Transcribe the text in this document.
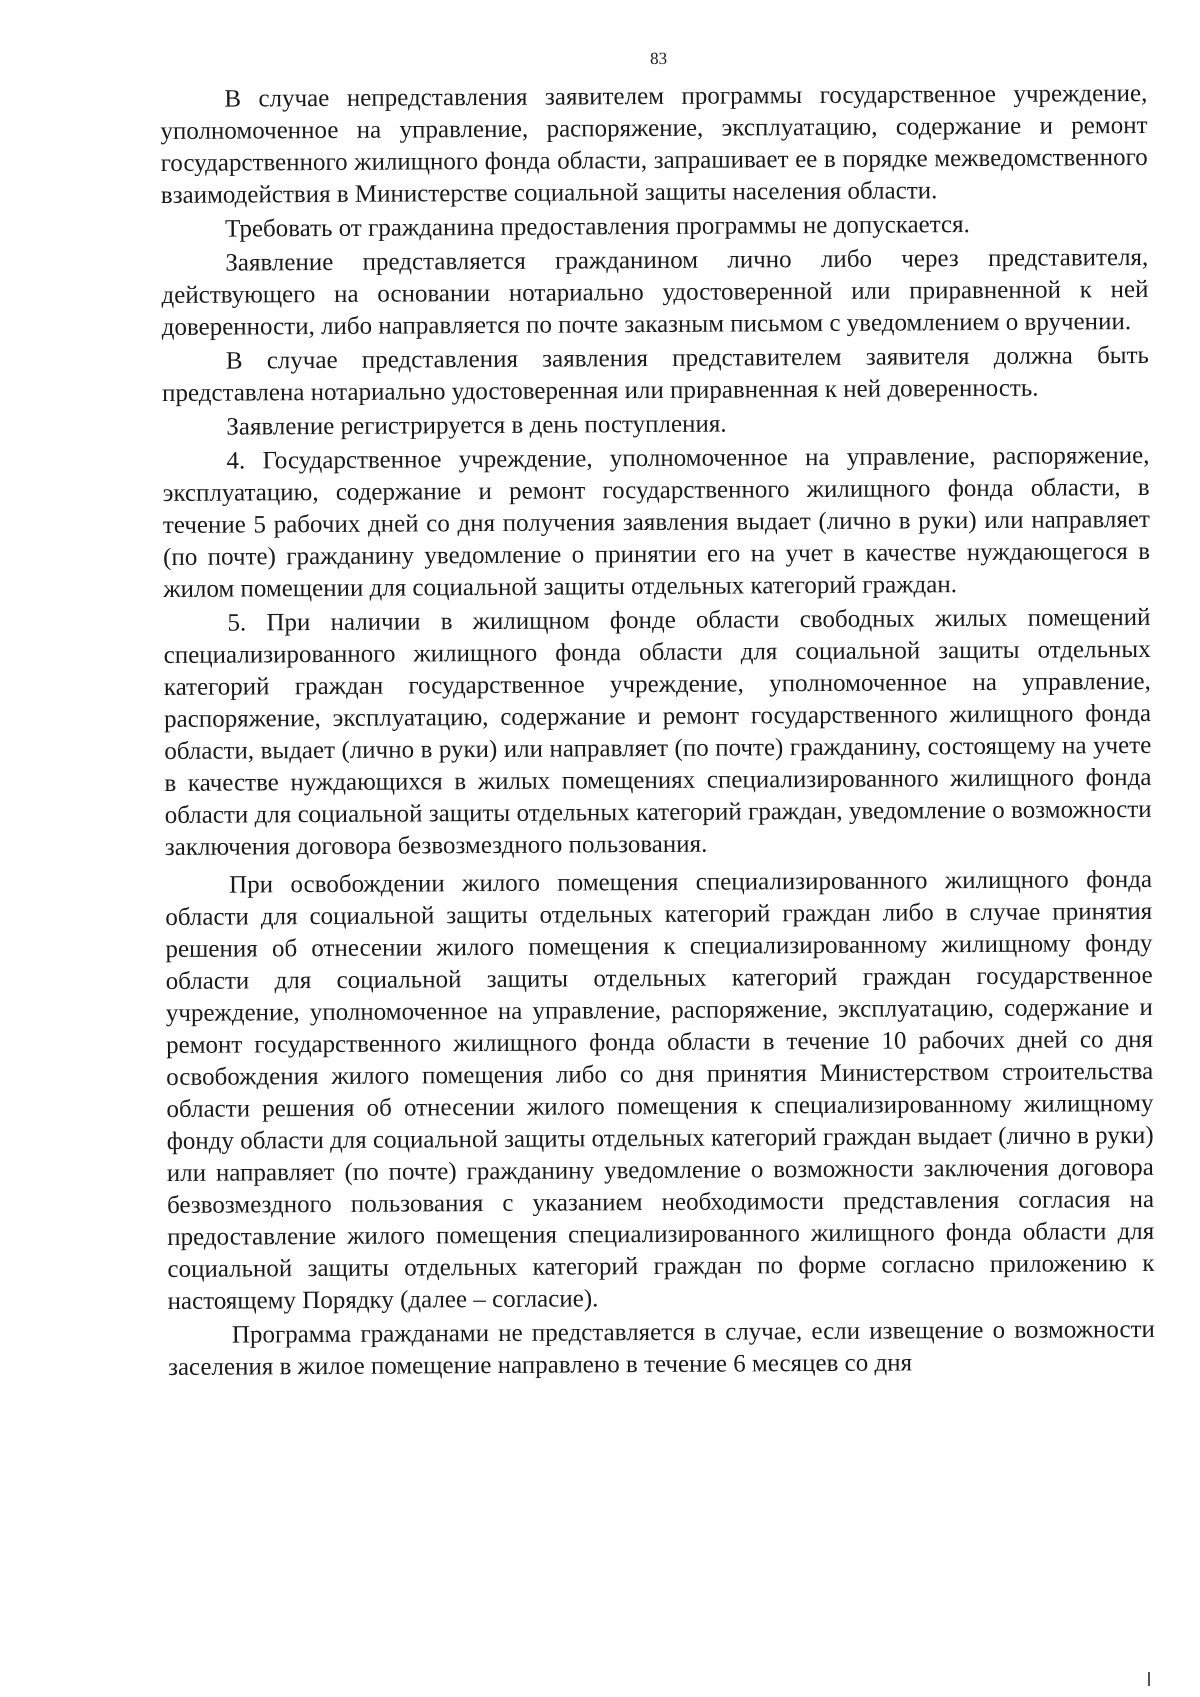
83

В случае непредставления заявителем программы государственное учреждение, уполномоченное на управление, распоряжение, эксплуатацию, содержание и ремонт государственного жилищного фонда области, запрашивает ее в порядке межведомственного взаимодействия в Министерстве социальной защиты населения области.

Требовать от гражданина предоставления программы не допускается.

Заявление представляется гражданином лично либо через представителя, действующего на основании нотариально удостоверенной или приравненной к ней доверенности, либо направляется по почте заказным письмом с уведомлением о вручении.

В случае представления заявления представителем заявителя должна быть представлена нотариально удостоверенная или приравненная к ней доверенность.

Заявление регистрируется в день поступления.

4. Государственное учреждение, уполномоченное на управление, распоряжение, эксплуатацию, содержание и ремонт государственного жилищного фонда области, в течение 5 рабочих дней со дня получения заявления выдает (лично в руки) или направляет (по почте) гражданину уведомление о принятии его на учет в качестве нуждающегося в жилом помещении для социальной защиты отдельных категорий граждан.

5. При наличии в жилищном фонде области свободных жилых помещений специализированного жилищного фонда области для социальной защиты отдельных категорий граждан государственное учреждение, уполномоченное на управление, распоряжение, эксплуатацию, содержание и ремонт государственного жилищного фонда области, выдает (лично в руки) или направляет (по почте) гражданину, состоящему на учете в качестве нуждающихся в жилых помещениях специализированного жилищного фонда области для социальной защиты отдельных категорий граждан, уведомление о возможности заключения договора безвозмездного пользования.

При освобождении жилого помещения специализированного жилищного фонда области для социальной защиты отдельных категорий граждан либо в случае принятия решения об отнесении жилого помещения к специализированному жилищному фонду области для социальной защиты отдельных категорий граждан государственное учреждение, уполномоченное на управление, распоряжение, эксплуатацию, содержание и ремонт государственного жилищного фонда области в течение 10 рабочих дней со дня освобождения жилого помещения либо со дня принятия Министерством строительства области решения об отнесении жилого помещения к специализированному жилищному фонду области для социальной защиты отдельных категорий граждан выдает (лично в руки) или направляет (по почте) гражданину уведомление о возможности заключения договора безвозмездного пользования с указанием необходимости представления согласия на предоставление жилого помещения специализированного жилищного фонда области для социальной защиты отдельных категорий граждан по форме согласно приложению к настоящему Порядку (далее – согласие).

Программа гражданами не представляется в случае, если извещение о возможности заселения в жилое помещение направлено в течение 6 месяцев со дня
